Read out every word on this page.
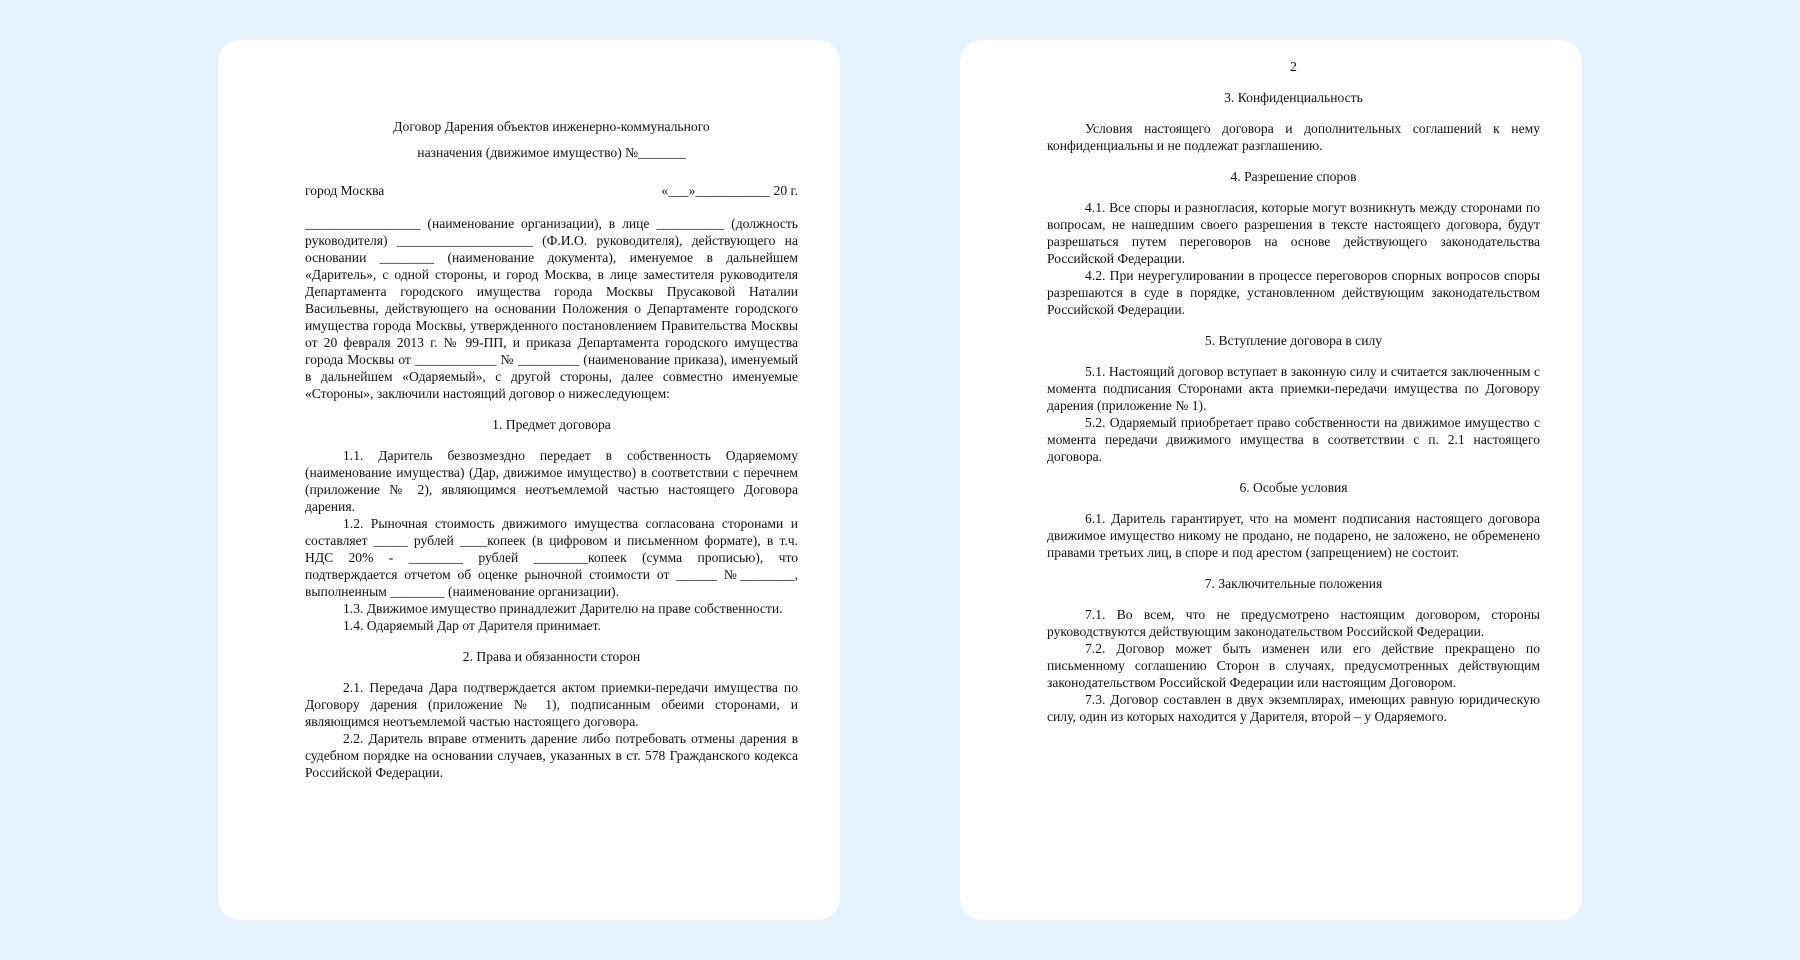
Договор Дарения объектов инженерно-коммунального

назначения (движимое имущество) №_______

город Москва	«___»___________ 20 г.

_________________ (наименование организации), в лице __________ (должность руководителя) ____________________ (Ф.И.О. руководителя), действующего на основании ________ (наименование документа), именуемое в дальнейшем «Даритель», с одной стороны, и город Москва, в лице заместителя руководителя Департамента городского имущества города Москвы Прусаковой Наталии Васильевны, действующего на основании Положения о Департаменте городского имущества города Москвы, утвержденного постановлением Правительства Москвы от 20 февраля 2013 г. № 99-ПП, и приказа Департамента городского имущества города Москвы от ____________ № _________ (наименование приказа), именуемый в дальнейшем «Одаряемый», с другой стороны, далее совместно именуемые «Стороны», заключили настоящий договор о нижеследующем:

1. Предмет договора

1.1. Даритель безвозмездно передает в собственность Одаряемому (наименование имущества) (Дар, движимое имущество) в соответствии с перечнем (приложение № 2), являющимся неотъемлемой частью настоящего Договора дарения.

1.2. Рыночная стоимость движимого имущества согласована сторонами и составляет _____ рублей ____копеек (в цифровом и письменном формате), в т.ч. НДС 20% - ________ рублей ________копеек (сумма прописью), что подтверждается отчетом об оценке рыночной стоимости от ______ №________, выполненным ________ (наименование организации).

1.3. Движимое имущество принадлежит Дарителю на праве собственности.

1.4. Одаряемый Дар от Дарителя принимает.

2. Права и обязанности сторон

2.1. Передача Дара подтверждается актом приемки-передачи имущества по Договору дарения (приложение № 1), подписанным обеими сторонами, и являющимся неотъемлемой частью настоящего договора.

2.2. Даритель вправе отменить дарение либо потребовать отмены дарения в судебном порядке на основании случаев, указанных в ст. 578 Гражданского кодекса Российской Федерации.

2

3. Конфиденциальность

Условия настоящего договора и дополнительных соглашений к нему конфиденциальны и не подлежат разглашению.

4. Разрешение споров

4.1. Все споры и разногласия, которые могут возникнуть между сторонами по вопросам, не нашедшим своего разрешения в тексте настоящего договора, будут разрешаться путем переговоров на основе действующего законодательства Российской Федерации.

4.2. При неурегулировании в процессе переговоров спорных вопросов споры разрешаются в суде в порядке, установленном действующим законодательством Российской Федерации.

5. Вступление договора в силу

5.1. Настоящий договор вступает в законную силу и считается заключенным с момента подписания Сторонами акта приемки-передачи имущества по Договору дарения (приложение № 1).

5.2. Одаряемый приобретает право собственности на движимое имущество с момента передачи движимого имущества в соответствии с п. 2.1 настоящего договора.

6. Особые условия

6.1. Даритель гарантирует, что на момент подписания настоящего договора движимое имущество никому не продано, не подарено, не заложено, не обременено правами третьих лиц, в споре и под арестом (запрещением) не состоит.

7. Заключительные положения

7.1. Во всем, что не предусмотрено настоящим договором, стороны руководствуются действующим законодательством Российской Федерации.

7.2. Договор может быть изменен или его действие прекращено по письменному соглашению Сторон в случаях, предусмотренных действующим законодательством Российской Федерации или настоящим Договором.

7.3. Договор составлен в двух экземплярах, имеющих равную юридическую силу, один из которых находится у Дарителя, второй – у Одаряемого.
